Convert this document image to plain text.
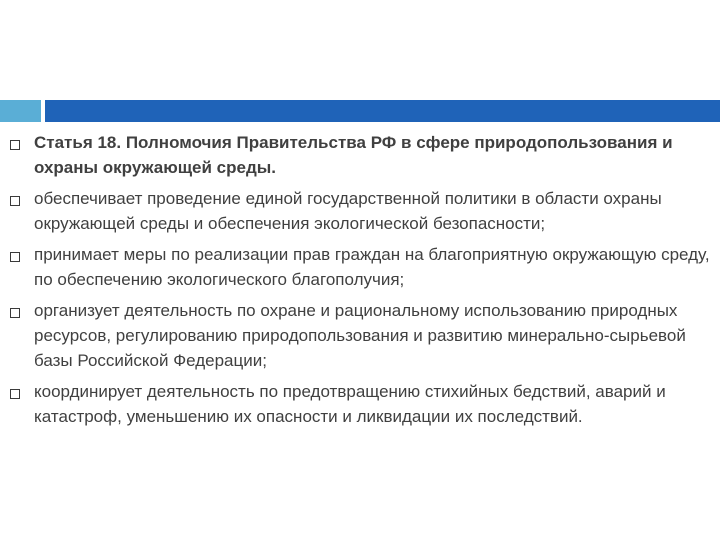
Статья 18. Полномочия Правительства РФ в сфере природопользования и охраны окружающей среды.
обеспечивает проведение единой государственной политики в области охраны окружающей среды и обеспечения экологической безопасности;
принимает меры по реализации прав граждан на благоприятную окружающую среду, по обеспечению экологического благополучия;
организует деятельность по охране и рациональному использованию природных ресурсов, регулированию природопользования и развитию минерально-сырьевой базы Российской Федерации;
координирует деятельность по предотвращению стихийных бедствий, аварий и катастроф, уменьшению их опасности и ликвидации их последствий.
